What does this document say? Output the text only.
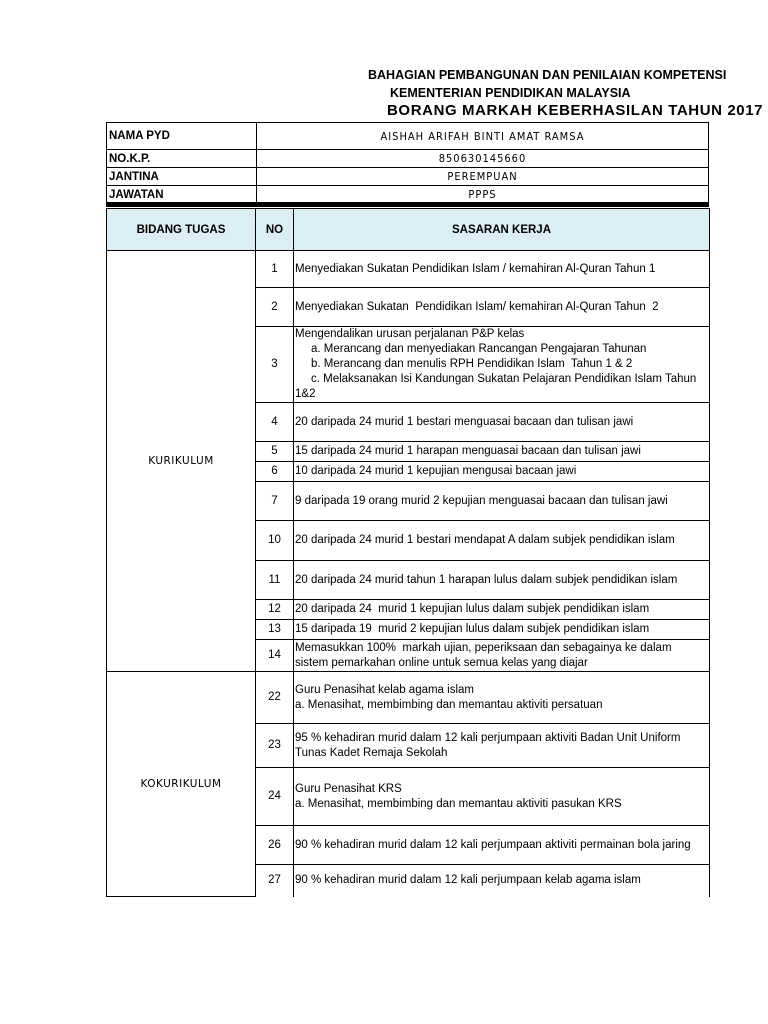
BAHAGIAN PEMBANGUNAN DAN PENILAIAN KOMPETENSI
KEMENTERIAN PENDIDIKAN MALAYSIA
BORANG MARKAH KEBERHASILAN TAHUN 2017
NAMA PYD	AISHAH ARIFAH BINTI AMAT RAMSA
NO.K.P.	850630145660
JANTINA	PEREMPUAN
JAWATAN	PPPS
BIDANG TUGAS	NO	SASARAN KERJA
KURIKULUM	1	Menyediakan Sukatan Pendidikan Islam / kemahiran Al-Quran Tahun 1

	2	Menyediakan Sukatan  Pendidikan Islam/ kemahiran Al-Quran Tahun  2

	3	Mengendalikan urusan perjalanan P&P kelas
a. Merancang dan menyediakan Rancangan Pengajaran Tahunan
b. Merancang dan menulis RPH Pendidikan Islam  Tahun 1 & 2
c. Melaksanakan Isi Kandungan Sukatan Pelajaran Pendidikan Islam Tahun
1&2

	4	20 daripada 24 murid 1 bestari menguasai bacaan dan tulisan jawi

	5	15 daripada 24 murid 1 harapan menguasai bacaan dan tulisan jawi

	6	10 daripada 24 murid 1 kepujian mengusai bacaan jawi

	7	9 daripada 19 orang murid 2 kepujian menguasai bacaan dan tulisan jawi

	10	20 daripada 24 murid 1 bestari mendapat A dalam subjek pendidikan islam

	11	20 daripada 24 murid tahun 1 harapan lulus dalam subjek pendidikan islam

	12	20 daripada 24  murid 1 kepujian lulus dalam subjek pendidikan islam

	13	15 daripada 19  murid 2 kepujian lulus dalam subjek pendidikan islam

	14	Memasukkan 100%  markah ujian, peperiksaan dan sebagainya ke dalam
sistem pemarkahan online untuk semua kelas yang diajar

KOKURIKULUM	22	Guru Penasihat kelab agama islam
a. Menasihat, membimbing dan memantau aktiviti persatuan

	23	95 % kehadiran murid dalam 12 kali perjumpaan aktiviti Badan Unit Uniform
Tunas Kadet Remaja Sekolah

	24	Guru Penasihat KRS
a. Menasihat, membimbing dan memantau aktiviti pasukan KRS

	26	90 % kehadiran murid dalam 12 kali perjumpaan aktiviti permainan bola jaring

	27	90 % kehadiran murid dalam 12 kali perjumpaan kelab agama islam
